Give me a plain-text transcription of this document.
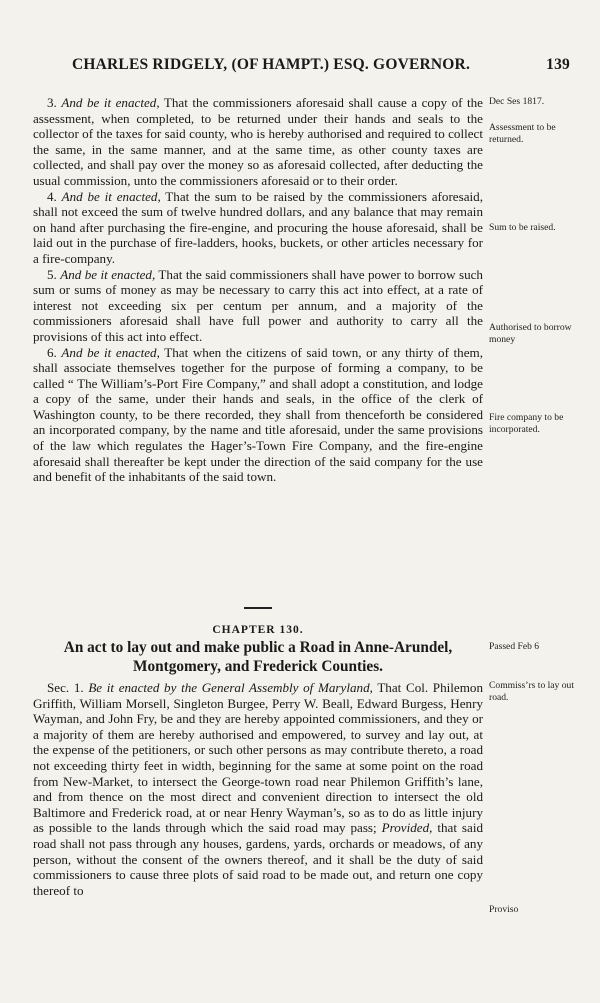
CHARLES RIDGELY, (OF HAMPT.) ESQ. GOVERNOR.	139
Dec Ses 1817.
Assessment to be returned.
Sum to be raised.
Authorised to borrow money
Fire company to be incorporated.
Passed Feb 6
Commiss’rs to lay out road.
Proviso

3. And be it enacted, That the commissioners aforesaid shall cause a copy of the assessment, when completed, to be returned under their hands and seals to the collector of the taxes for said county, who is hereby authorised and required to collect the same, in the same manner, and at the same time, as other county taxes are collected, and shall pay over the money so as aforesaid collected, after deducting the usual commission, unto the commissioners aforesaid or to their order.

4. And be it enacted, That the sum to be raised by the commissioners aforesaid, shall not exceed the sum of twelve hundred dollars, and any balance that may remain on hand after purchasing the fire-engine, and procuring the house aforesaid, shall be laid out in the purchase of fire-ladders, hooks, buckets, or other articles necessary for a fire-company.

5. And be it enacted, That the said commissioners shall have power to borrow such sum or sums of money as may be necessary to carry this act into effect, at a rate of interest not exceeding six per centum per annum, and a majority of the commissioners aforesaid shall have full power and authority to carry all the provisions of this act into effect.

6. And be it enacted, That when the citizens of said town, or any thirty of them, shall associate themselves together for the purpose of forming a company, to be called “ The William’s-Port Fire Company,” and shall adopt a constitution, and lodge a copy of the same, under their hands and seals, in the office of the clerk of Washington county, to be there recorded, they shall from thenceforth be considered an incorporated company, by the name and title aforesaid, under the same provisions of the law which regulates the Hager’s-Town Fire Company, and the fire-engine aforesaid shall thereafter be kept under the direction of the said company for the use and benefit of the inhabitants of the said town.

CHAPTER 130.
An act to lay out and make public a Road in Anne-Arundel, Montgomery, and Frederick Counties.

Sec. 1. Be it enacted by the General Assembly of Maryland, That Col. Philemon Griffith, William Morsell, Singleton Burgee, Perry W. Beall, Edward Burgess, Henry Wayman, and John Fry, be and they are hereby appointed commissioners, and they or a majority of them are hereby authorised and empowered, to survey and lay out, at the expense of the petitioners, or such other persons as may contribute thereto, a road not exceeding thirty feet in width, beginning for the same at some point on the road from New-Market, to intersect the George-town road near Philemon Griffith’s lane, and from thence on the most direct and convenient direction to intersect the old Baltimore and Frederick road, at or near Henry Wayman’s, so as to do as little injury as possible to the lands through which the said road may pass; Provided, that said road shall not pass through any houses, gardens, yards, orchards or meadows, of any person, without the consent of the owners thereof, and it shall be the duty of said commissioners to cause three plots of said road to be made out, and return one copy thereof to
